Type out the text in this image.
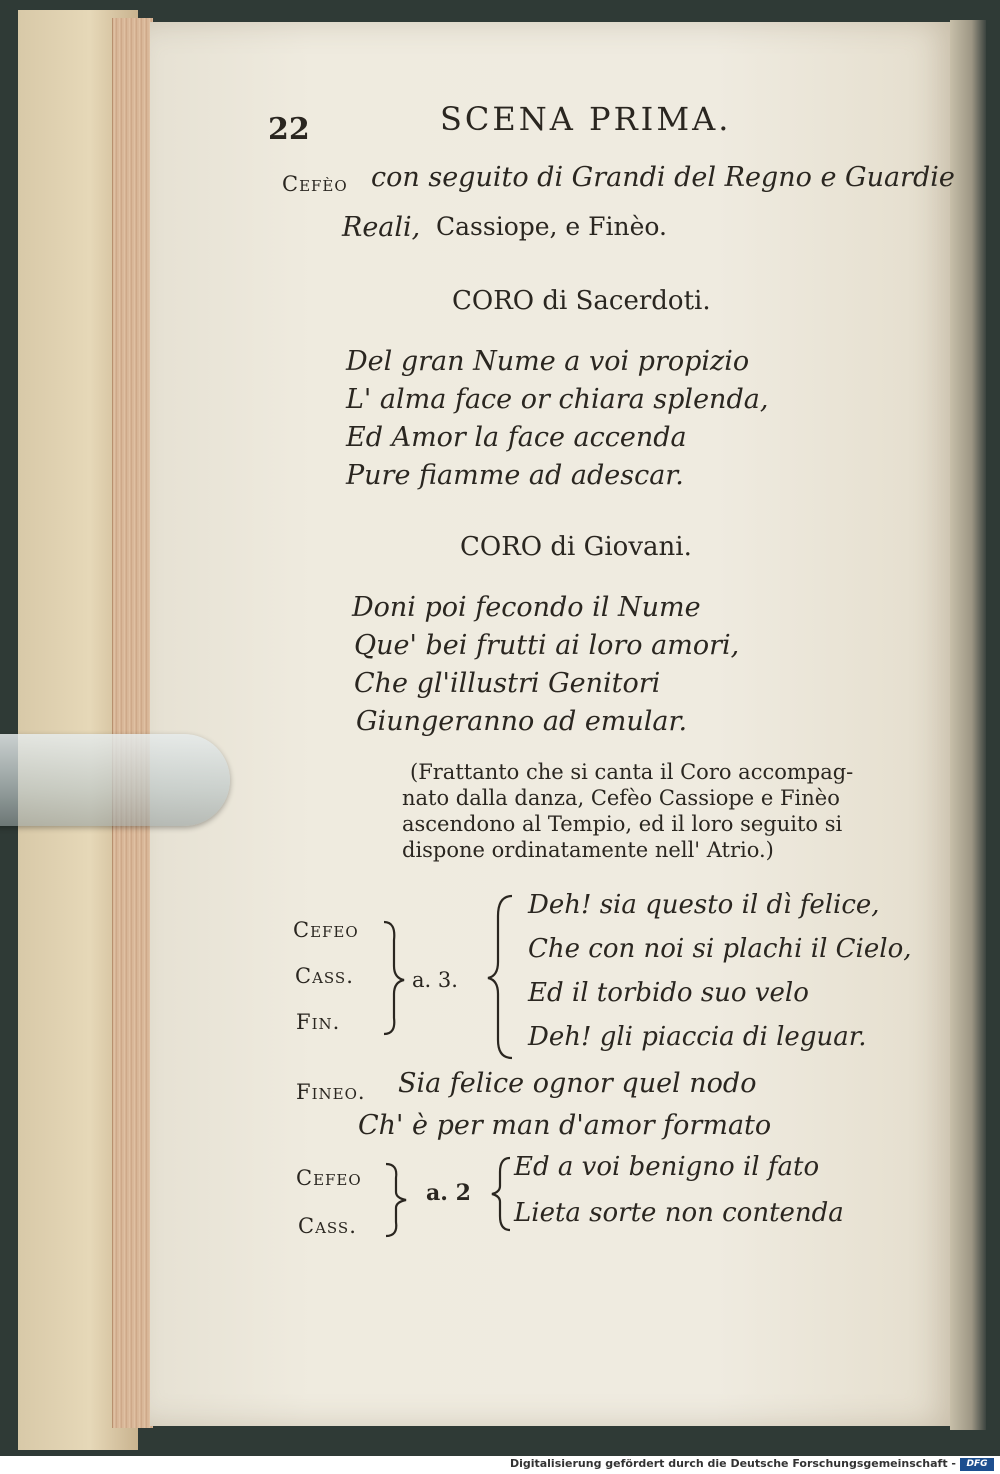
22	SCENA PRIMA.
Cefèo con seguito di Grandi del Regno e Guardie
Reali, Cassiope, e Finèo.
CORO di Sacerdoti.
Del gran Nume a voi propizio
L' alma face or chiara splenda,
Ed Amor la face accenda
Pure fiamme ad adescar.
CORO di Giovani.
Doni poi fecondo il Nume
Que' bei frutti ai loro amori,
Che gl'illustri Genitori
Giungeranno ad emular.
(Frattanto che si canta il Coro accompag-
nato dalla danza, Cefèo Cassiope e Finèo
ascendono al Tempio, ed il loro seguito si
dispone ordinatamente nell' Atrio.)
Cefeo
Cass.
Fin.
a. 3.
Deh! sia questo il dì felice,
Che con noi si plachi il Cielo,
Ed il torbido suo velo
Deh! gli piaccia di leguar.
Fineo. Sia felice ognor quel nodo
Ch' è per man d'amor formato
Cefeo
Cass.
a. 2
Ed a voi benigno il fato
Lieta sorte non contenda
Digitalisierung gefördert durch die Deutsche Forschungsgemeinschaft -	DFG
